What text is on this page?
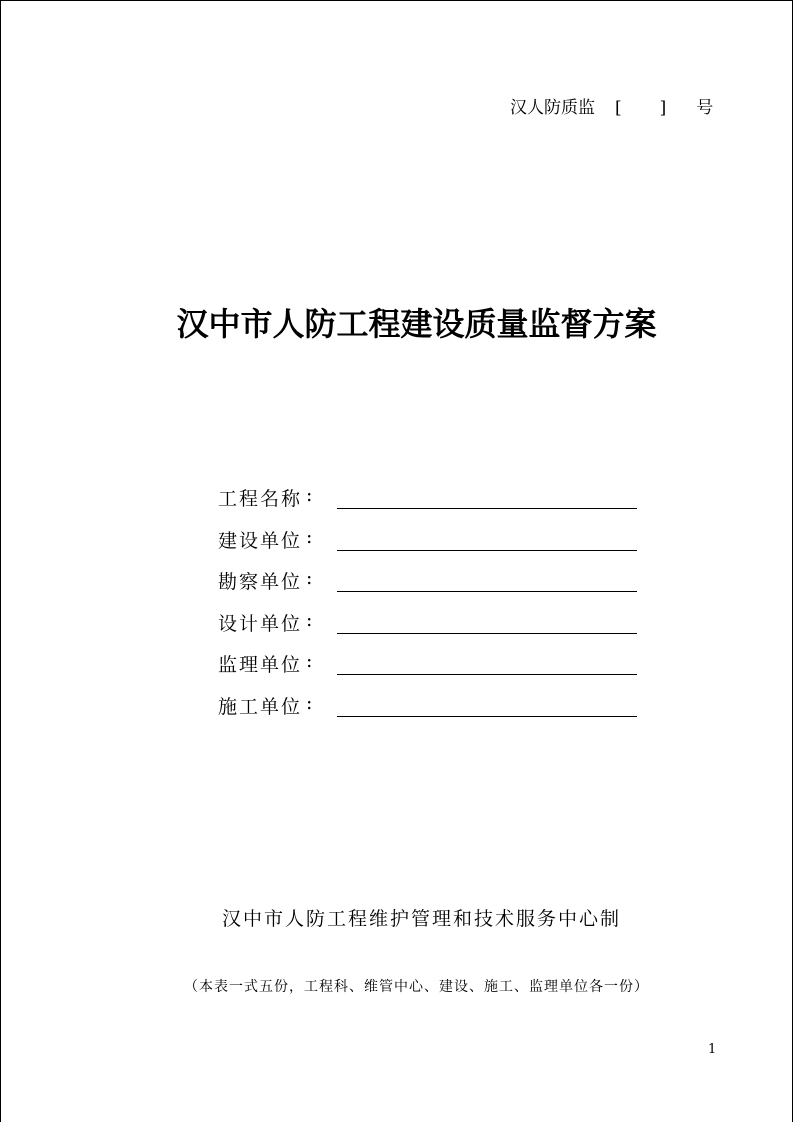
汉人防质监 [ ] 号
汉中市人防工程建设质量监督方案
工程名称 :
建设单位 :
勘察单位 :
设计单位 :
监理单位 :
施工单位 :
汉中市人防工程维护管理和技术服务中心制
（本表一式五份，工程科、维管中心、建设、施工、监理单位各一份）
1
